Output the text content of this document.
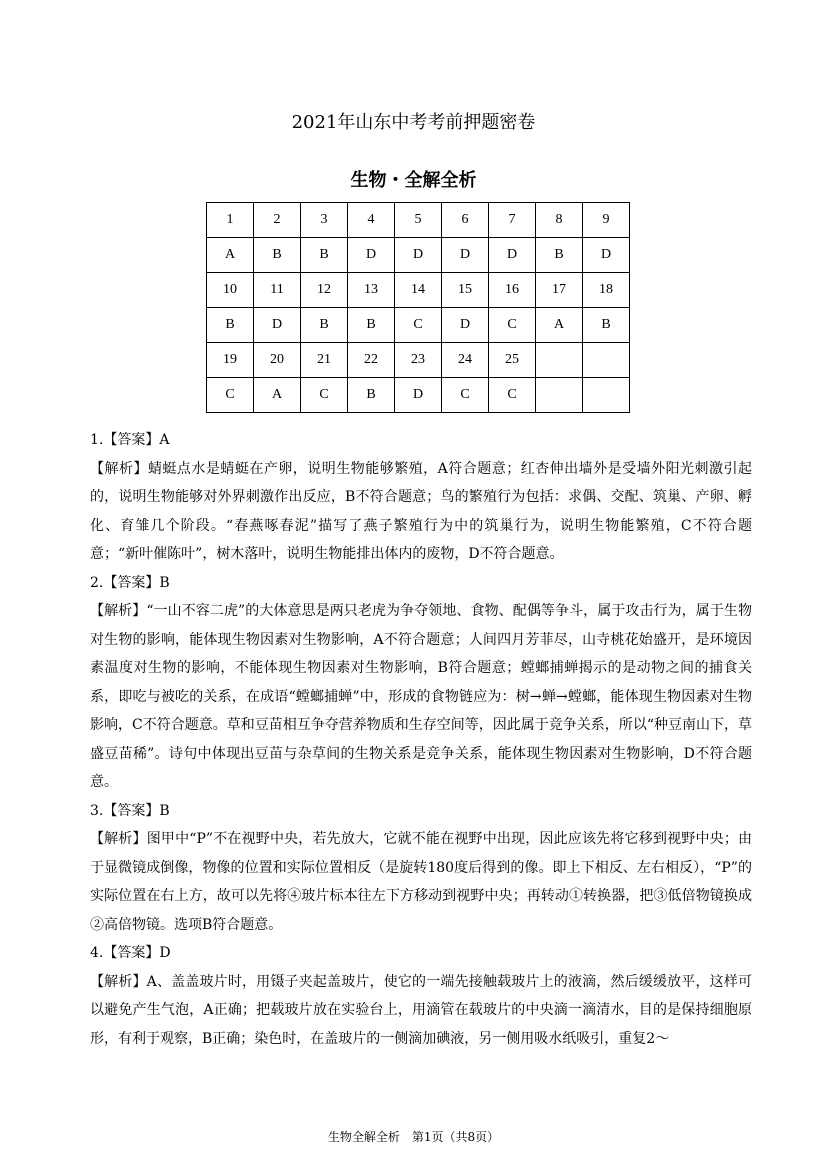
2021年山东中考考前押题密卷
生物・全解全析
1	2	3	4	5	6	7	8	9
A	B	B	D	D	D	D	B	D
10	11	12	13	14	15	16	17	18
B	D	B	B	C	D	C	A	B
19	20	21	22	23	24	25		
C	A	C	B	D	C	C		

1.【答案】A

【解析】蜻蜓点水是蜻蜓在产卵，说明生物能够繁殖，A符合题意；红杏伸出墙外是受墙外阳光刺激引起的，说明生物能够对外界刺激作出反应，B不符合题意；鸟的繁殖行为包括：求偶、交配、筑巢、产卵、孵化、育雏几个阶段。“春燕啄春泥”描写了燕子繁殖行为中的筑巢行为，说明生物能繁殖，C不符合题意；“新叶催陈叶”，树木落叶，说明生物能排出体内的废物，D不符合题意。

2.【答案】B

【解析】“一山不容二虎”的大体意思是两只老虎为争夺领地、食物、配偶等争斗，属于攻击行为，属于生物对生物的影响，能体现生物因素对生物影响，A不符合题意；人间四月芳菲尽，山寺桃花始盛开，是环境因素温度对生物的影响，不能体现生物因素对生物影响，B符合题意；螳螂捕蝉揭示的是动物之间的捕食关系，即吃与被吃的关系，在成语“螳螂捕蝉”中，形成的食物链应为：树→蝉→螳螂，能体现生物因素对生物影响，C不符合题意。草和豆苗相互争夺营养物质和生存空间等，因此属于竞争关系，所以“种豆南山下，草盛豆苗稀”。诗句中体现出豆苗与杂草间的生物关系是竞争关系，能体现生物因素对生物影响，D不符合题意。

3.【答案】B

【解析】图甲中“P”不在视野中央，若先放大，它就不能在视野中出现，因此应该先将它移到视野中央；由于显微镜成倒像，物像的位置和实际位置相反（是旋转180度后得到的像。即上下相反、左右相反），“P”的实际位置在右上方，故可以先将④玻片标本往左下方移动到视野中央；再转动①转换器，把③低倍物镜换成②高倍物镜。选项B符合题意。

4.【答案】D

【解析】A、盖盖玻片时，用镊子夹起盖玻片，使它的一端先接触载玻片上的液滴，然后缓缓放平，这样可以避免产生气泡，A正确；把载玻片放在实验台上，用滴管在载玻片的中央滴一滴清水，目的是保持细胞原形，有利于观察，B正确；染色时，在盖玻片的一侧滴加碘液，另一侧用吸水纸吸引，重复2～

生物全解全析　第1页（共8页）
